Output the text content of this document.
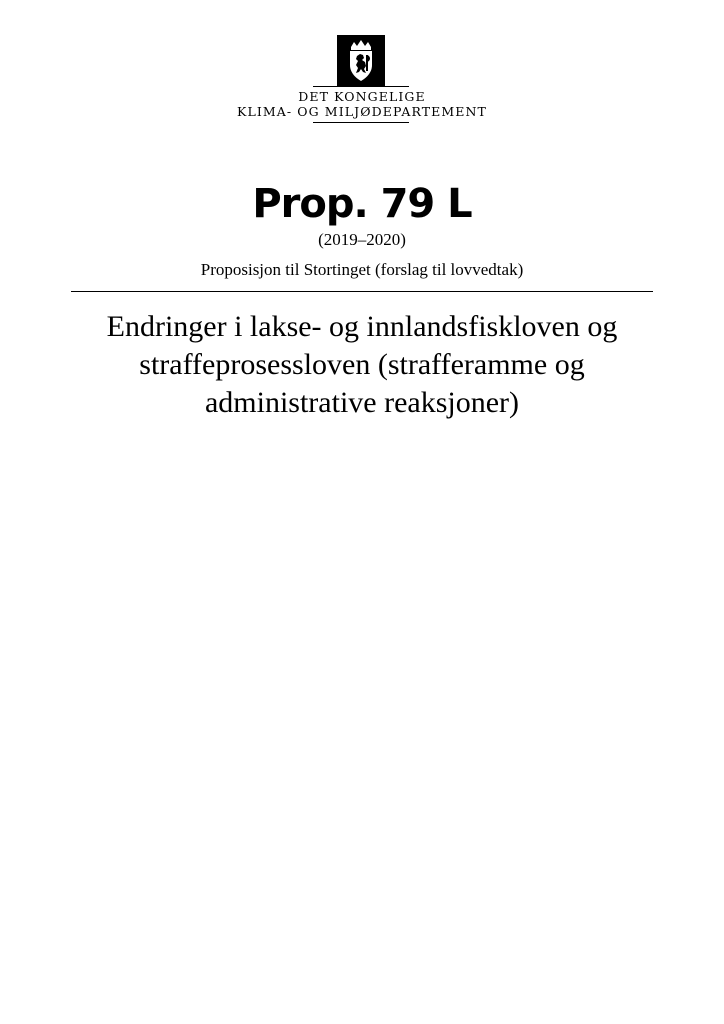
DET KONGELIGE
KLIMA- OG MILJØDEPARTEMENT
Prop. 79 L
(2019–2020)
Proposisjon til Stortinget (forslag til lovvedtak)
Endringer i lakse- og innlandsfiskloven og
straffeprosessloven (strafferamme og
administrative reaksjoner)
